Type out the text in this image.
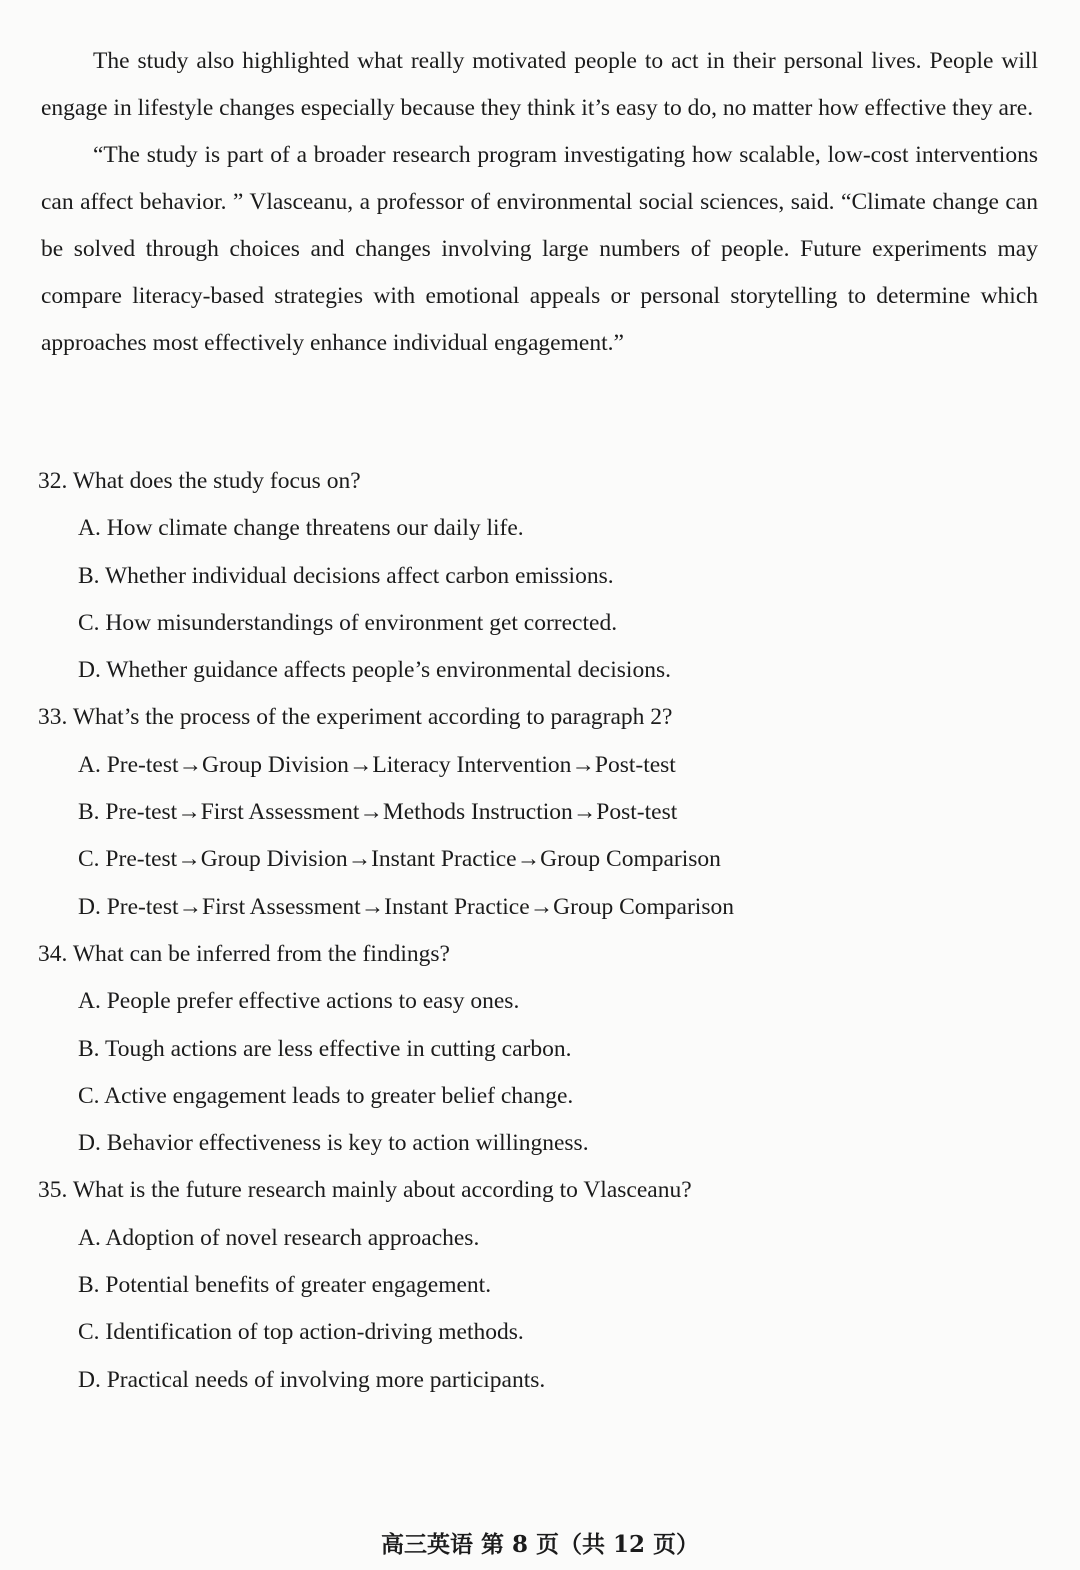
The study also highlighted what really motivated people to act in their personal lives. People will engage in lifestyle changes especially because they think it’s easy to do, no matter how effective they are.

“The study is part of a broader research program investigating how scalable, low-cost interventions can affect behavior. ” Vlasceanu, a professor of environmental social sciences, said. “Climate change can be solved through choices and changes involving large numbers of people. Future experiments may compare literacy-based strategies with emotional appeals or personal storytelling to determine which approaches most effectively enhance individual engagement.”

32. What does the study focus on?
A. How climate change threatens our daily life.
B. Whether individual decisions affect carbon emissions.
C. How misunderstandings of environment get corrected.
D. Whether guidance affects people’s environmental decisions.
33. What’s the process of the experiment according to paragraph 2?
A. Pre-test→Group Division→Literacy Intervention→Post-test
B. Pre-test→First Assessment→Methods Instruction→Post-test
C. Pre-test→Group Division→Instant Practice→Group Comparison
D. Pre-test→First Assessment→Instant Practice→Group Comparison
34. What can be inferred from the findings?
A. People prefer effective actions to easy ones.
B. Tough actions are less effective in cutting carbon.
C. Active engagement leads to greater belief change.
D. Behavior effectiveness is key to action willingness.
35. What is the future research mainly about according to Vlasceanu?
A. Adoption of novel research approaches.
B. Potential benefits of greater engagement.
C. Identification of top action-driving methods.
D. Practical needs of involving more participants.
高三英语 第 8 页（共 12 页）
